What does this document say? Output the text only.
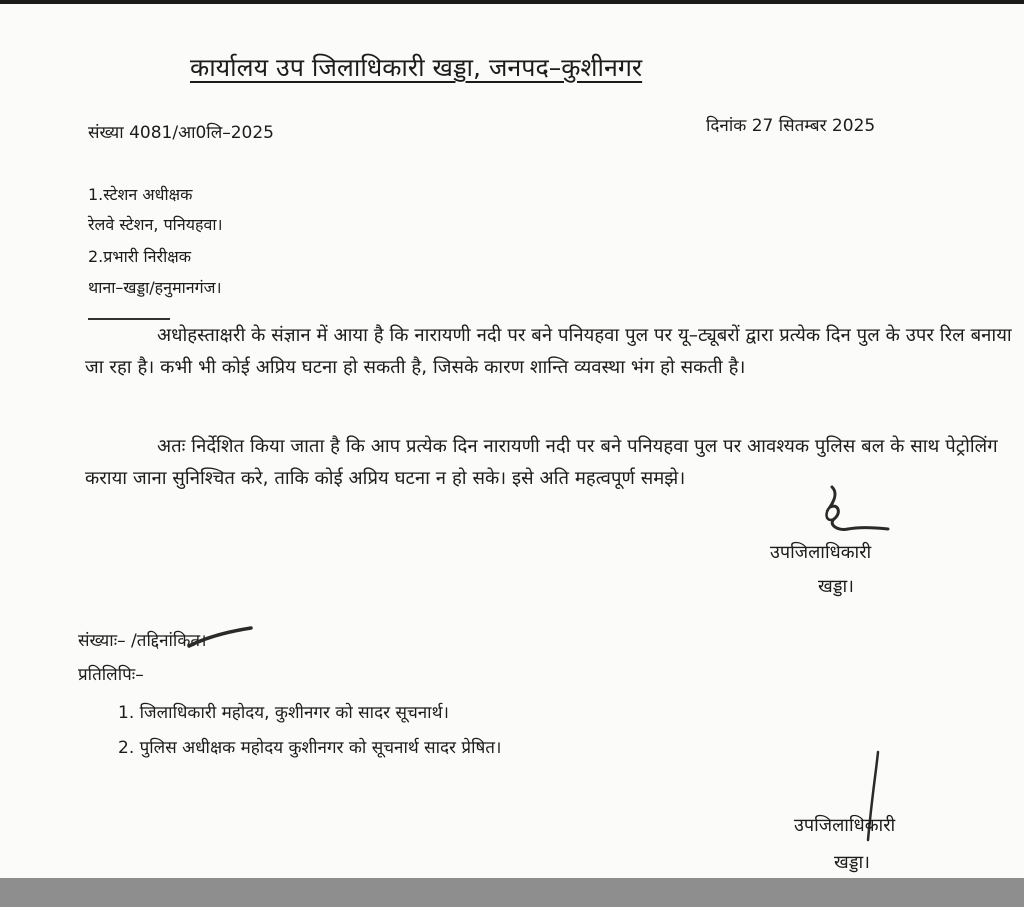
कार्यालय उप जिलाधिकारी खड्डा, जनपद–कुशीनगर
संख्या 4081/आ0लि–2025	दिनांक 27 सितम्बर 2025
1.स्टेशन अधीक्षक
रेलवे स्टेशन, पनियहवा।
2.प्रभारी निरीक्षक
थाना–खड्डा/हनुमानगंज।

अधोहस्ताक्षरी के संज्ञान में आया है कि नारायणी नदी पर बने पनियहवा पुल पर यू–ट्यूबरों द्वारा प्रत्येक दिन पुल के उपर रिल बनाया जा रहा है। कभी भी कोई अप्रिय घटना हो सकती है, जिसके कारण शान्ति व्यवस्था भंग हो सकती है।

अतः निर्देशित किया जाता है कि आप प्रत्येक दिन नारायणी नदी पर बने पनियहवा पुल पर आवश्यक पुलिस बल के साथ पेट्रोलिंग कराया जाना सुनिश्चित करे, ताकि कोई अप्रिय घटना न हो सके। इसे अति महत्वपूर्ण समझे।

उपजिलाधिकारी
खड्डा।
संख्याः– /तद्दिनांकित।
प्रतिलिपिः–
1. जिलाधिकारी महोदय, कुशीनगर को सादर सूचनार्थ।
2. पुलिस अधीक्षक महोदय कुशीनगर को सूचनार्थ सादर प्रेषित।
उपजिलाधिकारी
खड्डा।
